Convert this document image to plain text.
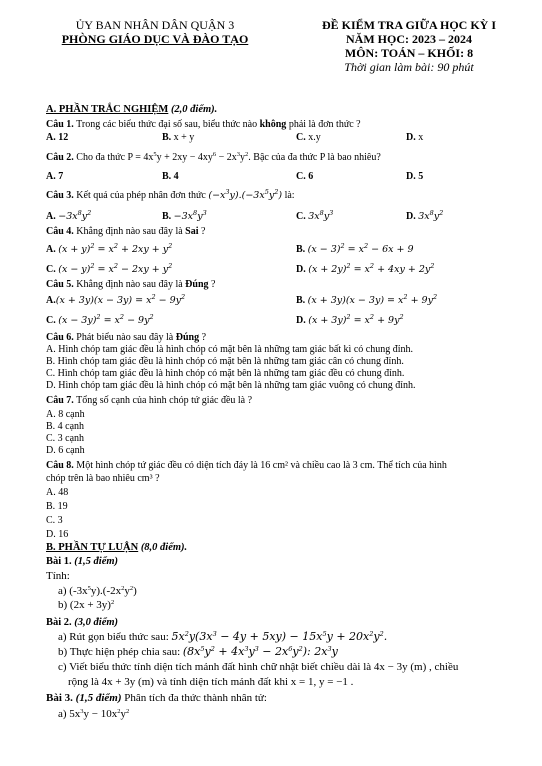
ỦY BAN NHÂN DÂN QUẬN 3
PHÒNG GIÁO DỤC VÀ ĐÀO TẠO
ĐỀ KIỂM TRA GIỮA HỌC KỲ I
NĂM HỌC: 2023 – 2024
MÔN: TOÁN – KHỐI: 8
Thời gian làm bài: 90 phút
A. PHẦN TRẮC NGHIỆM (2,0 điểm).
Câu 1. Trong các biểu thức đại số sau, biểu thức nào không phải là đơn thức ?
A. 12	B. x + y	C. x.y	D. x
Câu 2. Cho đa thức $P = 4x^5y + 2xy - 4xy^6 - 2x^3y^2$. Bậc của đa thức P là bao nhiêu?
A. 7	B. 4	C. 6	D. 5
Câu 3. Kết quả của phép nhân đơn thức $(-x^3y).(-3x^5y^2)$ là:
A. $-3x^8y^2$	B. $-3x^8y^3$	C. $3x^8y^3$	D. $3x^8y^2$
Câu 4. Khẳng định nào sau đây là Sai ?
A. $(x + y)^2 = x^2 + 2xy + y^2$	B. $(x - 3)^2 = x^2 - 6x + 9$
C. $(x - y)^2 = x^2 - 2xy + y^2$	D. $(x + 2y)^2 = x^2 + 4xy + 2y^2$
Câu 5. Khẳng định nào sau đây là Đúng ?
$A.(x + 3y)(x - 3y) = x^2 - 9y^2$	B. $(x + 3y)(x - 3y) = x^2 + 9y^2$
C. $(x - 3y)^2 = x^2 - 9y^2$	D. $(x + 3y)^2 = x^2 + 9y^2$
Câu 6. Phát biểu nào sau đây là Đúng ?
A. Hình chóp tam giác đều là hình chóp có mặt bên là những tam giác bất kì có chung đỉnh.
B. Hình chóp tam giác đều là hình chóp có mặt bên là những tam giác cân có chung đỉnh.
C. Hình chóp tam giác đều là hình chóp có mặt bên là những tam giác đều có chung đỉnh.
D. Hình chóp tam giác đều là hình chóp có mặt bên là những tam giác vuông có chung đỉnh.
Câu 7. Tổng số cạnh của hình chóp tứ giác đều là ?
A. 8 cạnh
B. 4 cạnh
C. 3 cạnh
D. 6 cạnh
Câu 8. Một hình chóp tứ giác đều có diện tích đáy là 16 cm² và chiều cao là 3 cm. Thể tích của hình
chóp trên là bao nhiêu cm³ ?
A. 48
B. 19
C. 3
D. 16
B. PHẦN TỰ LUẬN (8,0 điểm).
Bài 1. (1,5 điểm)
Tính:
a) $(-3x^5y).(-2x^2y^2)$
b) $(2x + 3y)^2$
Bài 2. (3,0 điểm)
a) Rút gọn biểu thức sau: $5x^2y(3x^3 - 4y + 5xy) - 15x^5y + 20x^2y^2$.
b) Thực hiện phép chia sau: $(8x^5y^2 + 4x^3y^3 - 2x^6y^2)$: $2x^3y$
c) Viết biểu thức tính diện tích mảnh đất hình chữ nhật biết chiều dài là 4x − 3y (m) , chiều
rộng là 4x + 3y (m) và tính diện tích mảnh đất khi x = 1, y = −1 .
Bài 3. (1,5 điểm) Phân tích đa thức thành nhân tử:
a) $5x^3y - 10x^2y^2$
